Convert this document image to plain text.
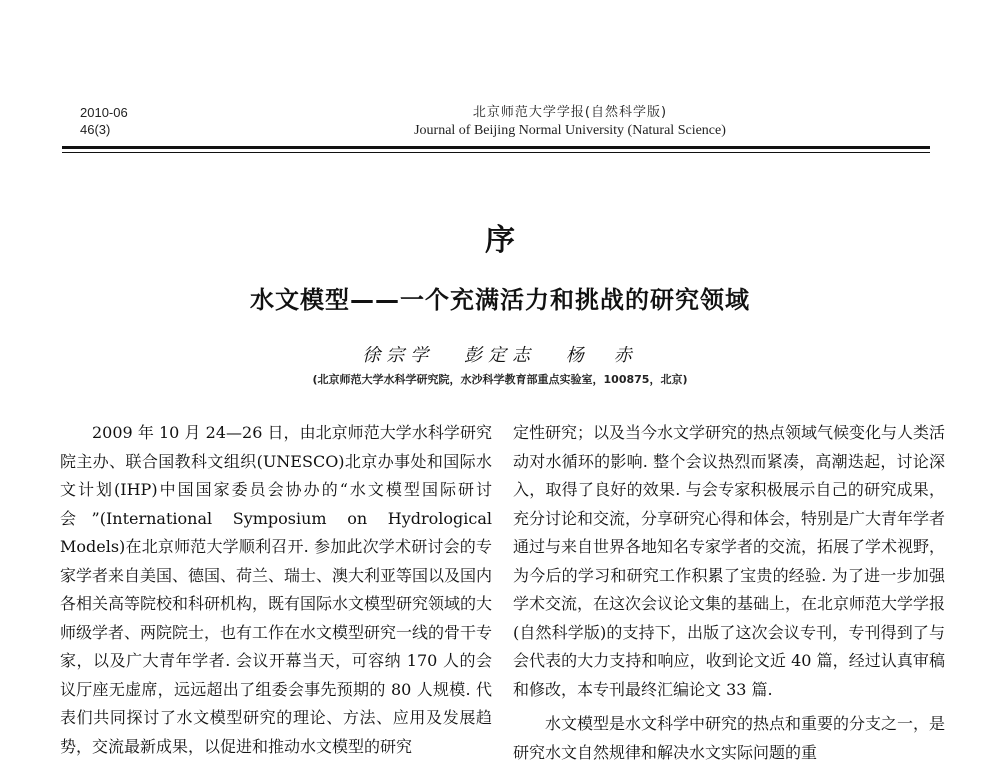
2010-06
46(3)
北京师范大学学报(自然科学版)
Journal of Beijing Normal University (Natural Science)
序
水文模型——一个充满活力和挑战的研究领域
徐宗学 彭定志 杨　赤
(北京师范大学水科学研究院，水沙科学教育部重点实验室，100875，北京)

2009 年 10 月 24—26 日，由北京师范大学水科学研究院主办、联合国教科文组织(UNESCO)北京办事处和国际水文计划(IHP)中国国家委员会协办的“水文模型国际研讨会”(International Symposium on Hydrological Models)在北京师范大学顺利召开. 参加此次学术研讨会的专家学者来自美国、德国、荷兰、瑞士、澳大利亚等国以及国内各相关高等院校和科研机构，既有国际水文模型研究领域的大师级学者、两院院士，也有工作在水文模型研究一线的骨干专家，以及广大青年学者. 会议开幕当天，可容纳 170 人的会议厅座无虚席，远远超出了组委会事先预期的 80 人规模. 代表们共同探讨了水文模型研究的理论、方法、应用及发展趋势，交流最新成果，以促进和推动水文模型的研究

定性研究；以及当今水文学研究的热点领域气候变化与人类活动对水循环的影响. 整个会议热烈而紧凑，高潮迭起，讨论深入，取得了良好的效果. 与会专家积极展示自己的研究成果，充分讨论和交流，分享研究心得和体会，特别是广大青年学者通过与来自世界各地知名专家学者的交流，拓展了学术视野，为今后的学习和研究工作积累了宝贵的经验. 为了进一步加强学术交流，在这次会议论文集的基础上，在北京师范大学学报(自然科学版)的支持下，出版了这次会议专刊，专刊得到了与会代表的大力支持和响应，收到论文近 40 篇，经过认真审稿和修改，本专刊最终汇编论文 33 篇.

水文模型是水文科学中研究的热点和重要的分支之一，是研究水文自然规律和解决水文实际问题的重
